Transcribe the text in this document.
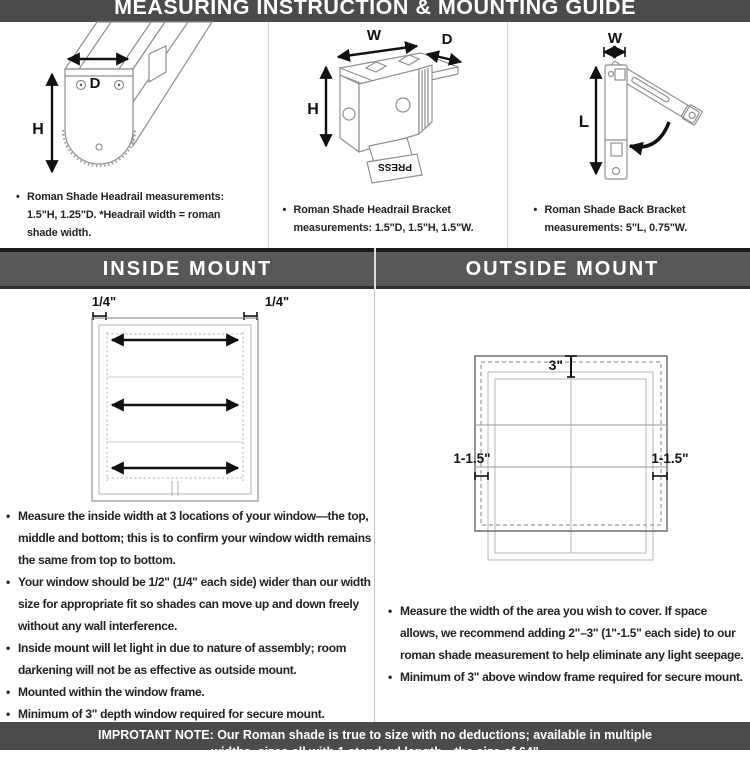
MEASURING INSTRUCTION & MOUNTING GUIDE
D
H
• Roman Shade Headrail measurements: 1.5"H, 1.25"D. *Headrail width = roman shade width.
PRESS
W	D
H
• Roman Shade Headrail Bracket measurements: 1.5"D, 1.5"H, 1.5"W.
W
L
• Roman Shade Back Bracket measurements: 5"L, 0.75"W.
INSIDE MOUNT	OUTSIDE MOUNT
1/4"	1/4"
3"
1-1.5"	1-1.5"
• Measure the inside width at 3 locations of your window—the top, middle and bottom; this is to confirm your window width remains the same from top to bottom.
• Your window should be 1/2" (1/4" each side) wider than our width size for appropriate fit so shades can move up and down freely without any wall interference.
• Inside mount will let light in due to nature of assembly; room darkening will not be as effective as outside mount.
• Mounted within the window frame.
• Minimum of 3" depth window required for secure mount.
• Measure the width of the area you wish to cover. If space allows, we recommend adding 2"–3" (1"-1.5" each side) to our roman shade measurement to help eliminate any light seepage.
• Minimum of 3" above window frame required for secure mount.
IMPROTANT NOTE: Our Roman shade is true to size with no deductions; available in multiple
widths, sizes all with 1 standard length—the size of 64"
